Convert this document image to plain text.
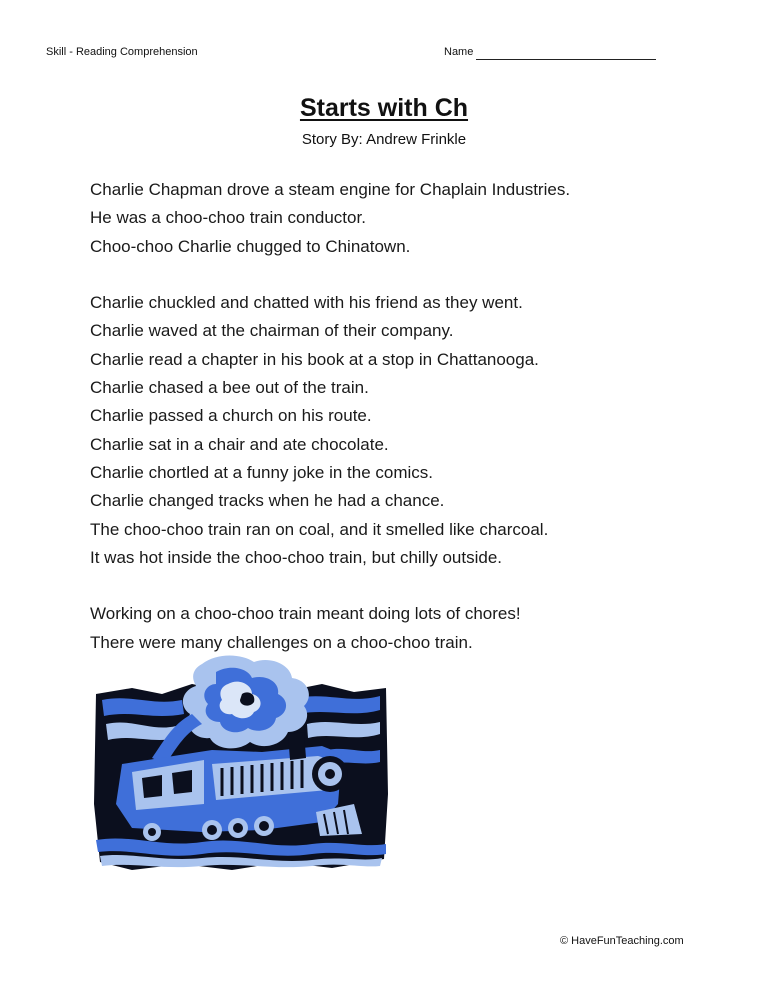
Skill - Reading Comprehension	Name
Starts with Ch
Story By: Andrew Frinkle
Charlie Chapman drove a steam engine for Chaplain Industries.
He was a choo-choo train conductor.
Choo-choo Charlie chugged to Chinatown.
Charlie chuckled and chatted with his friend as they went.
Charlie waved at the chairman of their company.
Charlie read a chapter in his book at a stop in Chattanooga.
Charlie chased a bee out of the train.
Charlie passed a church on his route.
Charlie sat in a chair and ate chocolate.
Charlie chortled at a funny joke in the comics.
Charlie changed tracks when he had a chance.
The choo-choo train ran on coal, and it smelled like charcoal.
It was hot inside the choo-choo train, but chilly outside.
Working on a choo-choo train meant doing lots of chores!
There were many challenges on a choo-choo train.
© HaveFunTeaching.com
